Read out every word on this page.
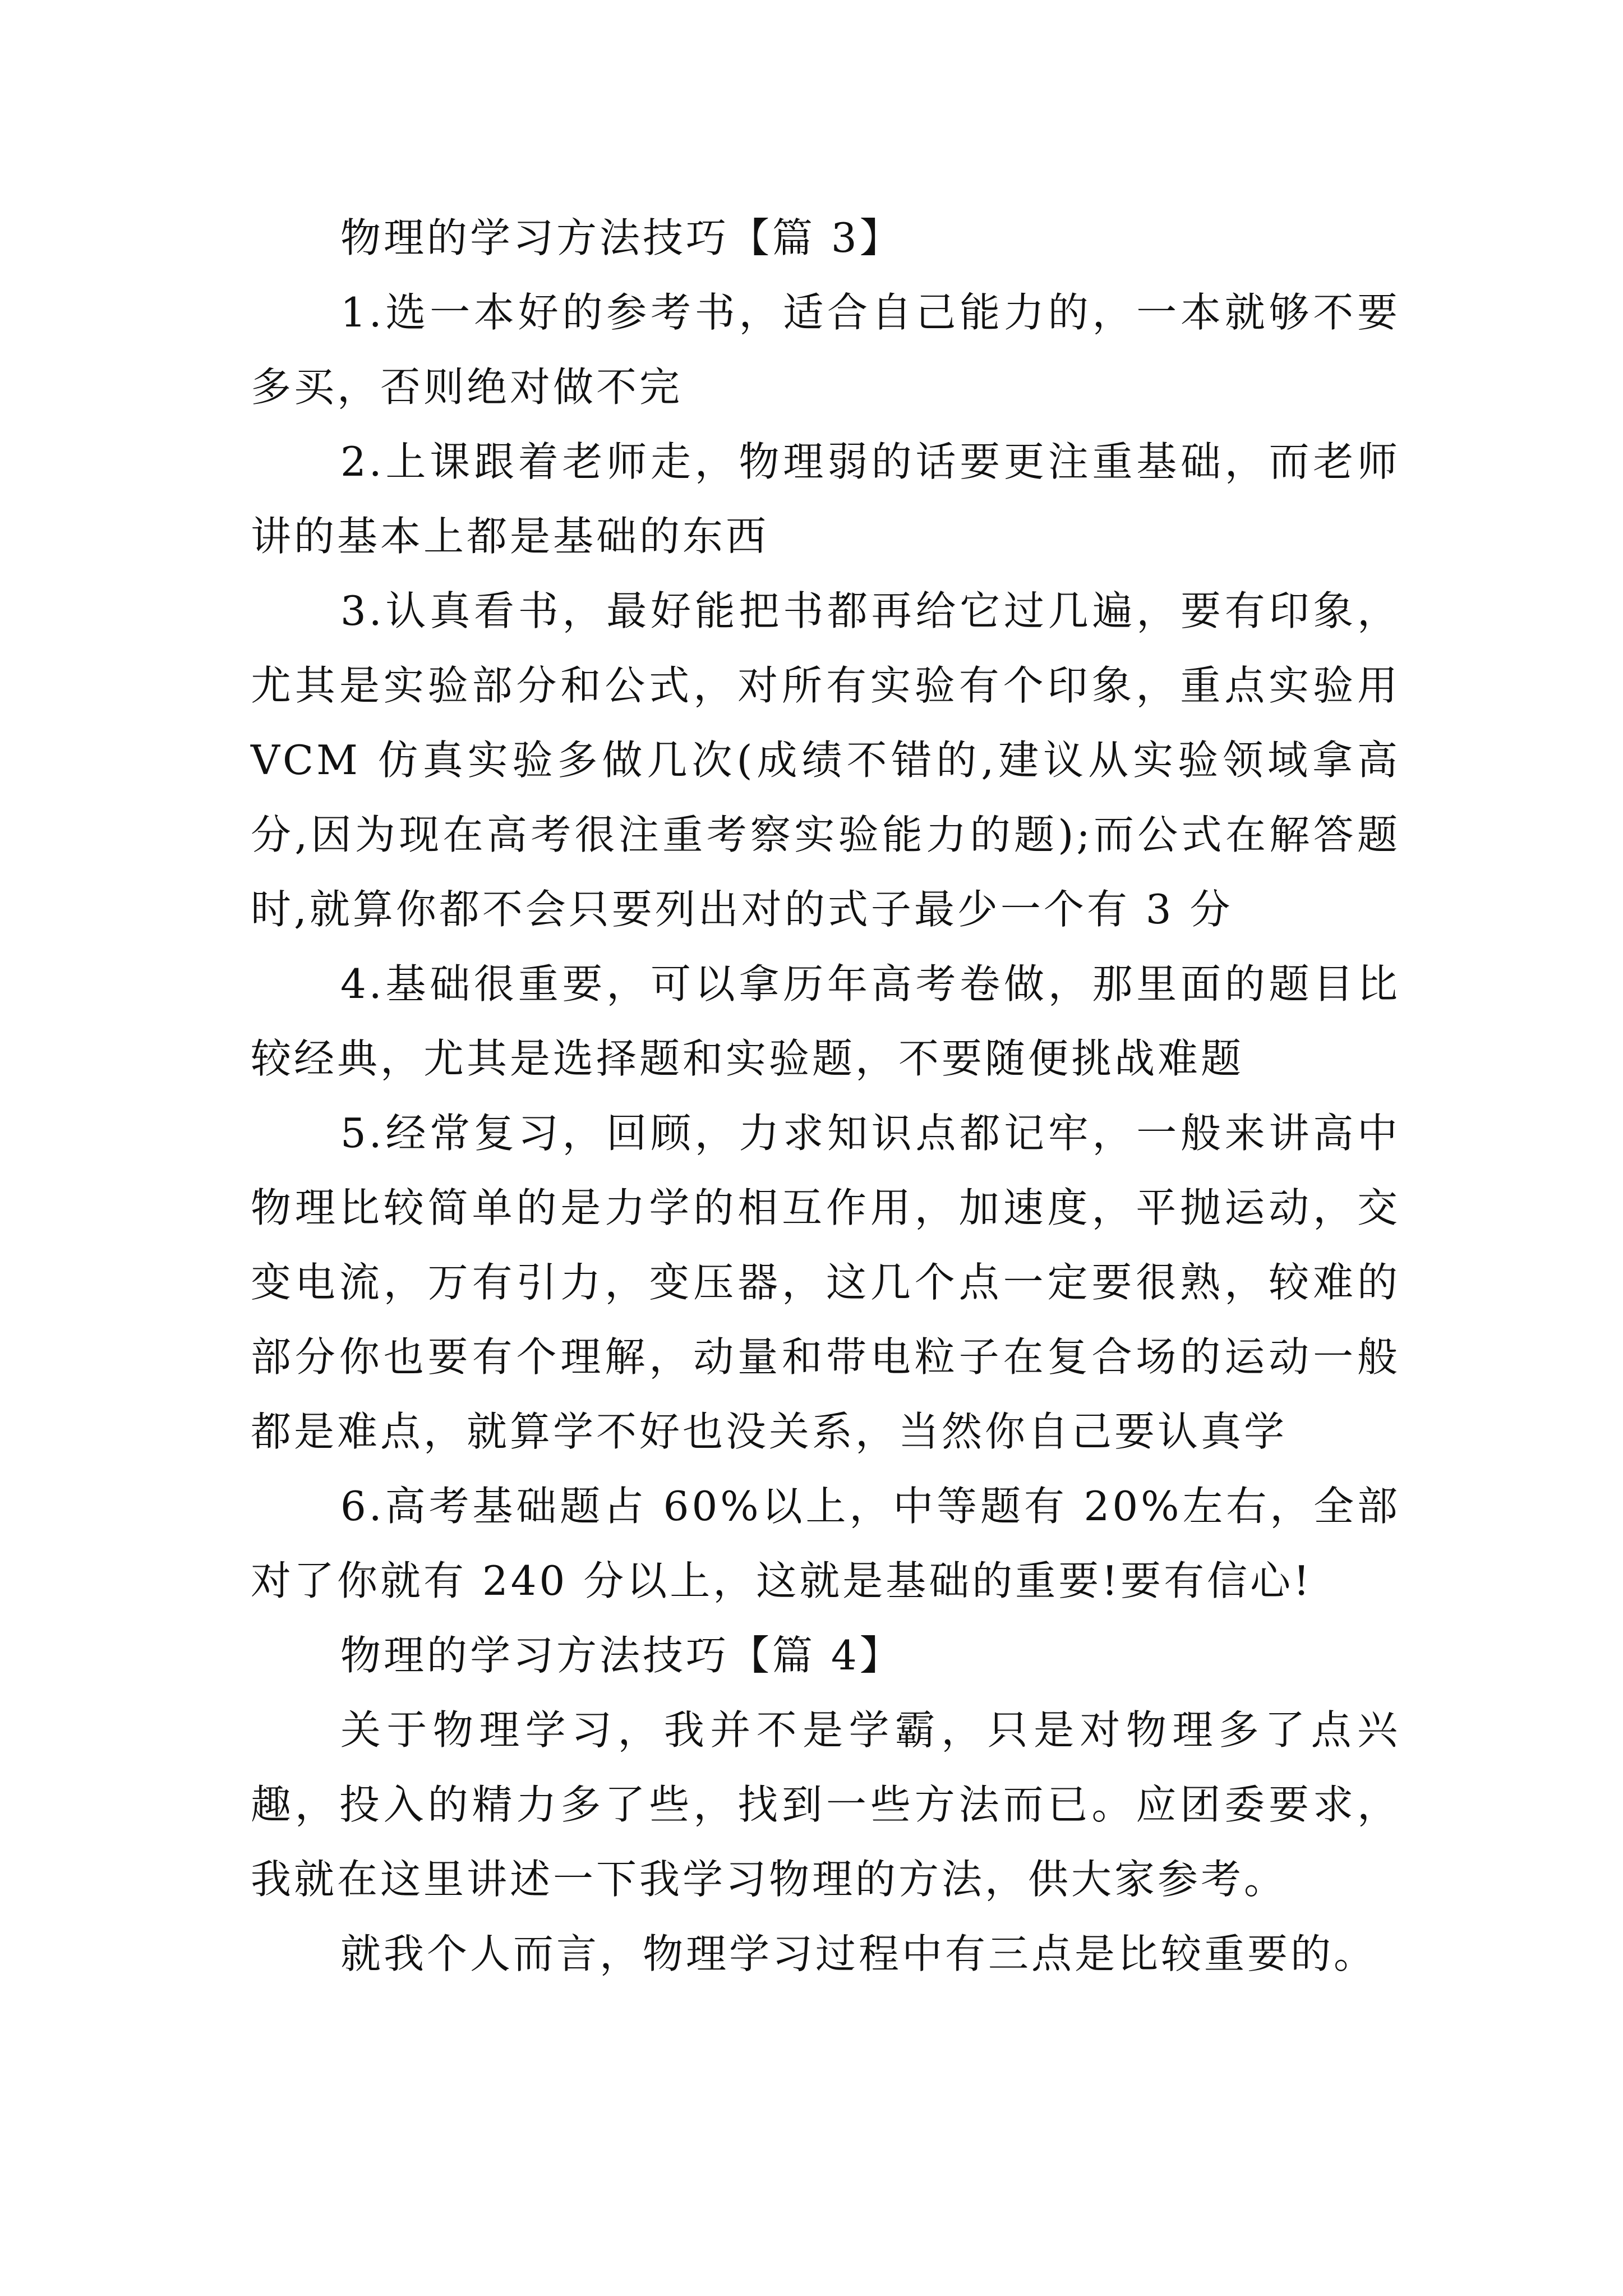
物理的学习方法技巧【篇 3】

1.选一本好的参考书，适合自己能力的，一本就够不要多买，否则绝对做不完

2.上课跟着老师走，物理弱的话要更注重基础，而老师讲的基本上都是基础的东西

3.认真看书，最好能把书都再给它过几遍，要有印象，尤其是实验部分和公式，对所有实验有个印象，重点实验用 VCM 仿真实验多做几次(成绩不错的,建议从实验领域拿高分,因为现在高考很注重考察实验能力的题);而公式在解答题时,就算你都不会只要列出对的式子最少一个有 3 分

4.基础很重要，可以拿历年高考卷做，那里面的题目比较经典，尤其是选择题和实验题，不要随便挑战难题

5.经常复习，回顾，力求知识点都记牢，一般来讲高中物理比较简单的是力学的相互作用，加速度，平抛运动，交变电流，万有引力，变压器，这几个点一定要很熟，较难的部分你也要有个理解，动量和带电粒子在复合场的运动一般都是难点，就算学不好也没关系，当然你自己要认真学

6.高考基础题占 60%以上，中等题有 20%左右，全部对了你就有 240 分以上，这就是基础的重要!要有信心!

物理的学习方法技巧【篇 4】

关于物理学习，我并不是学霸，只是对物理多了点兴趣，投入的精力多了些，找到一些方法而已。应团委要求，我就在这里讲述一下我学习物理的方法，供大家参考。

就我个人而言，物理学习过程中有三点是比较重要的。
